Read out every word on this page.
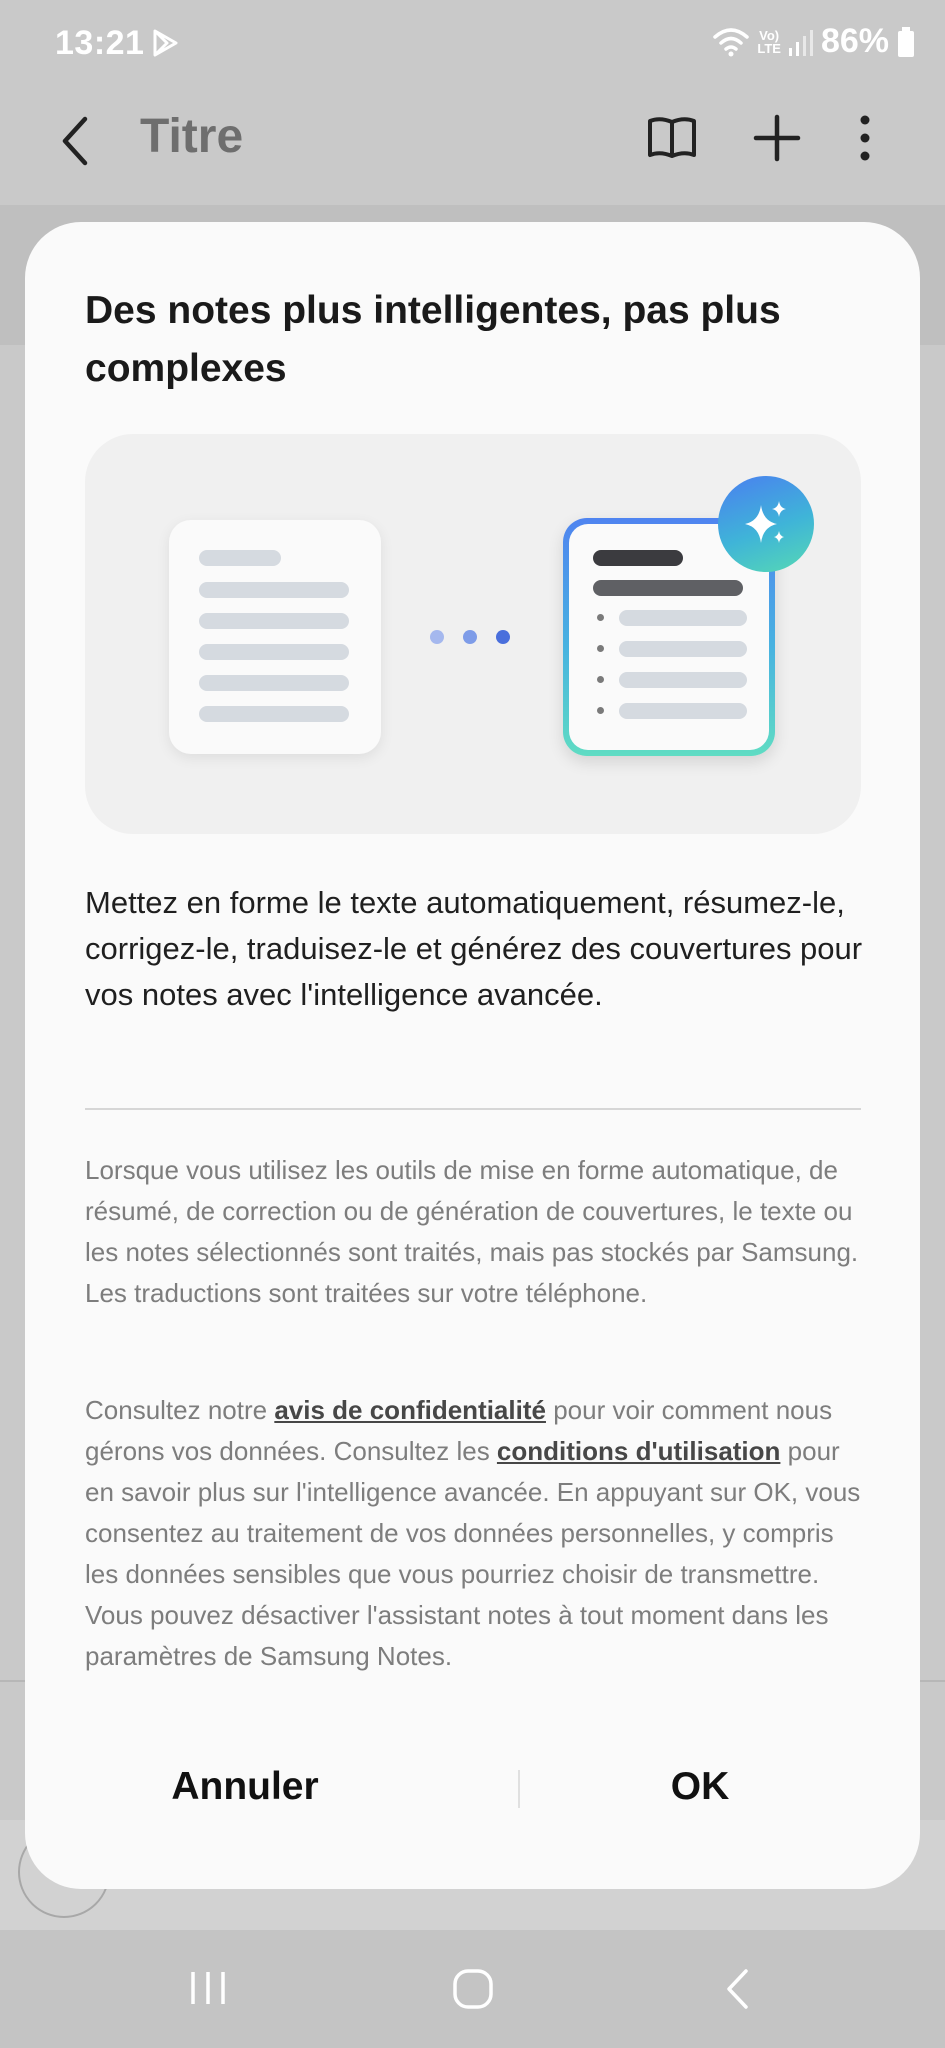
13:21	Vo)
LTE 86%
Titre
Des notes plus intelligentes, pas plus complexes
Mettez en forme le texte automatiquement, résumez-le, corrigez-le, traduisez-le et générez des couvertures pour vos notes avec l'intelligence avancée.
Lorsque vous utilisez les outils de mise en forme automatique, de résumé, de correction ou de génération de couvertures, le texte ou les notes sélectionnés sont traités, mais pas stockés par Samsung. Les traductions sont traitées sur votre téléphone.
Consultez notre avis de confidentialité pour voir comment nous gérons vos données. Consultez les conditions d'utilisation pour en savoir plus sur l'intelligence avancée. En appuyant sur OK, vous consentez au traitement de vos données personnelles, y compris les données sensibles que vous pourriez choisir de transmettre. Vous pouvez désactiver l'assistant notes à tout moment dans les paramètres de Samsung Notes.
Annuler	OK
